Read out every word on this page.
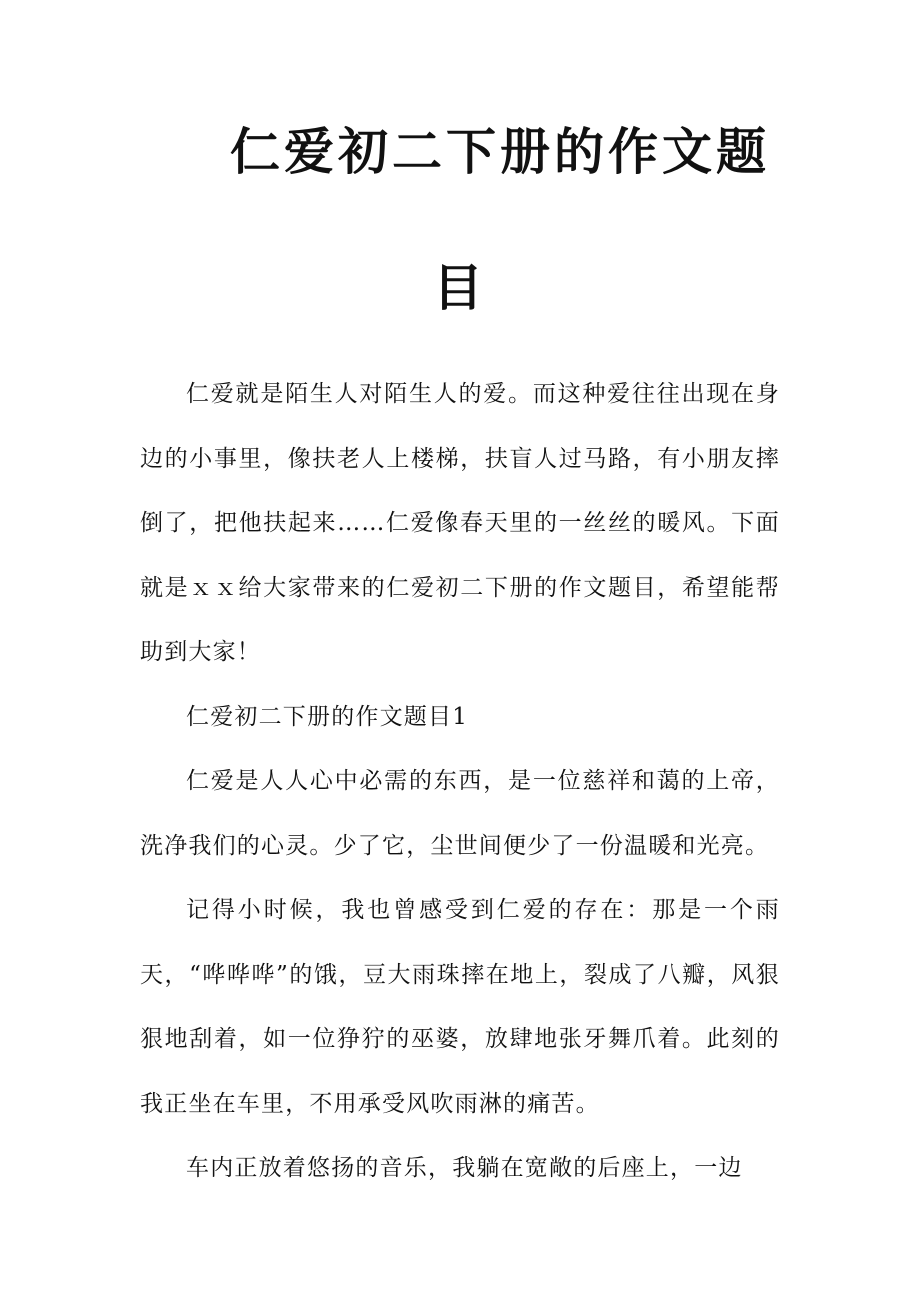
仁爱初二下册的作文题
目

仁爱就是陌生人对陌生人的爱。而这种爱往往出现在身边的小事里，像扶老人上楼梯，扶盲人过马路，有小朋友摔倒了，把他扶起来……仁爱像春天里的一丝丝的暖风。下面就是ｘｘ给大家带来的仁爱初二下册的作文题目，希望能帮助到大家！

仁爱初二下册的作文题目1

仁爱是人人心中必需的东西，是一位慈祥和蔼的上帝，洗净我们的心灵。少了它，尘世间便少了一份温暖和光亮。

记得小时候，我也曾感受到仁爱的存在：那是一个雨天，“哗哗哗”的饿，豆大雨珠摔在地上，裂成了八瓣，风狠狠地刮着，如一位狰狞的巫婆，放肆地张牙舞爪着。此刻的我正坐在车里，不用承受风吹雨淋的痛苦。

车内正放着悠扬的音乐，我躺在宽敞的后座上，一边
